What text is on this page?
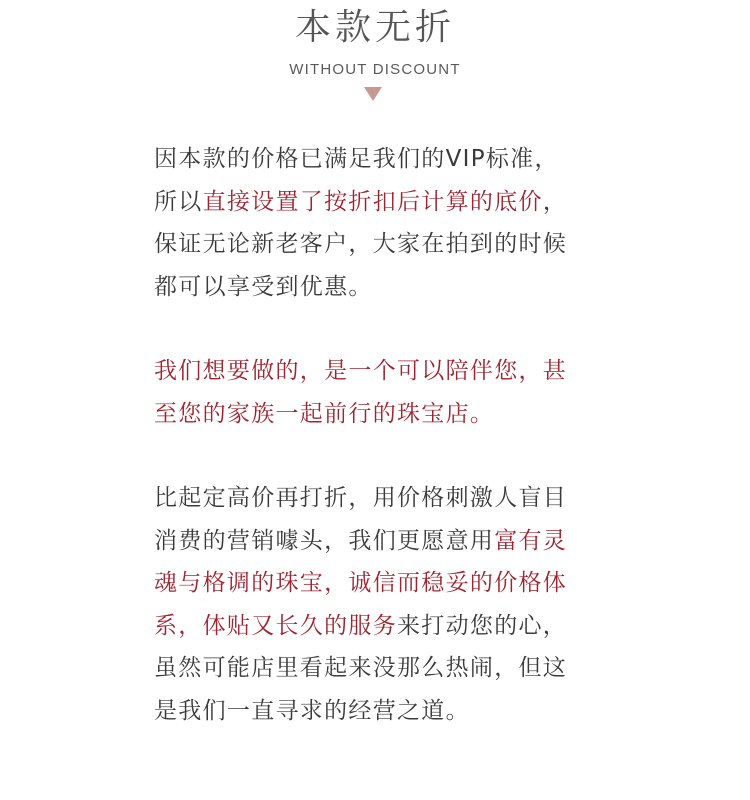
本款无折
WITHOUT DISCOUNT
因本款的价格已满足我们的VIP标准，
所以直接设置了按折扣后计算的底价，
保证无论新老客户，大家在拍到的时候
都可以享受到优惠。
我们想要做的，是一个可以陪伴您，甚
至您的家族一起前行的珠宝店。
比起定高价再打折，用价格刺激人盲目
消费的营销噱头，我们更愿意用富有灵
魂与格调的珠宝，诚信而稳妥的价格体
系，体贴又长久的服务来打动您的心，
虽然可能店里看起来没那么热闹，但这
是我们一直寻求的经营之道。
